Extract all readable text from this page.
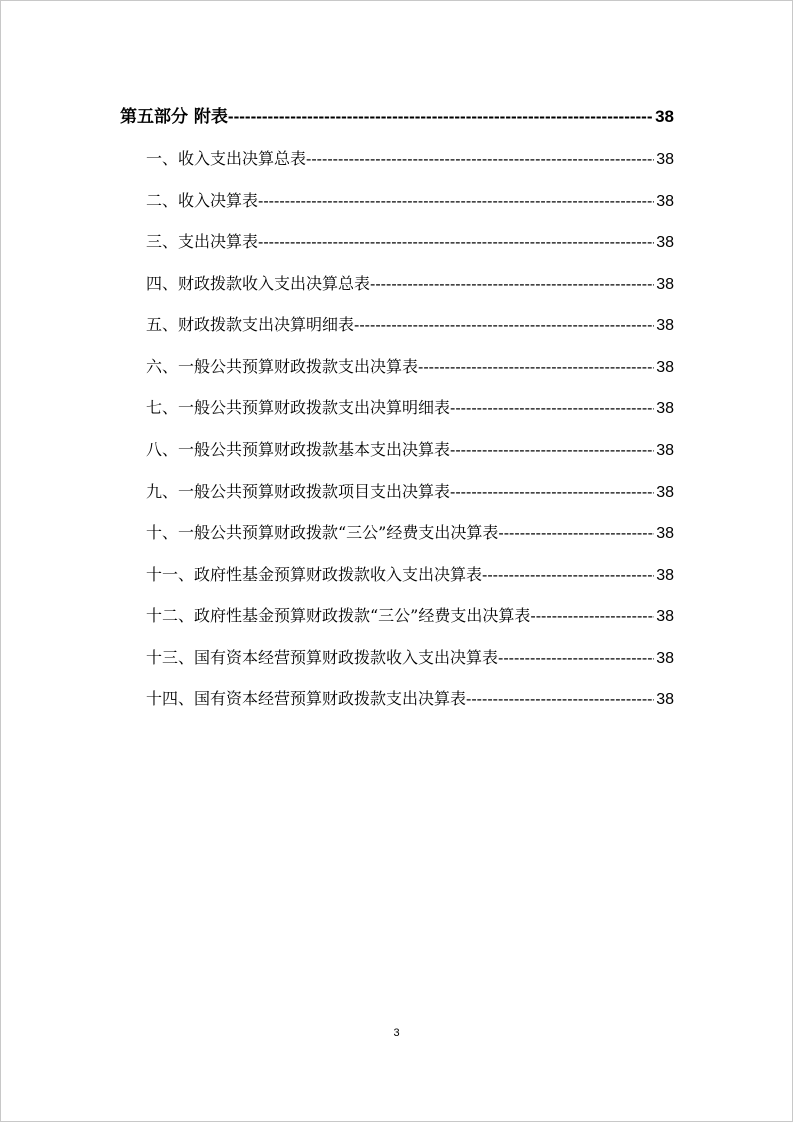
第五部分 附表 -----	38
一、收入支出决算总表 -----	38
二、收入决算表 -----	38
三、支出决算表 -----	38
四、财政拨款收入支出决算总表 -----	38
五、财政拨款支出决算明细表 -----	38
六、一般公共预算财政拨款支出决算表 -----	38
七、一般公共预算财政拨款支出决算明细表 -----	38
八、一般公共预算财政拨款基本支出决算表 -----	38
九、一般公共预算财政拨款项目支出决算表 -----	38
十、一般公共预算财政拨款“三公”经费支出决算表 -----	38
十一、政府性基金预算财政拨款收入支出决算表 -----	38
十二、政府性基金预算财政拨款“三公”经费支出决算表 -----	38
十三、国有资本经营预算财政拨款收入支出决算表 -----	38
十四、国有资本经营预算财政拨款支出决算表 -----	38
3
